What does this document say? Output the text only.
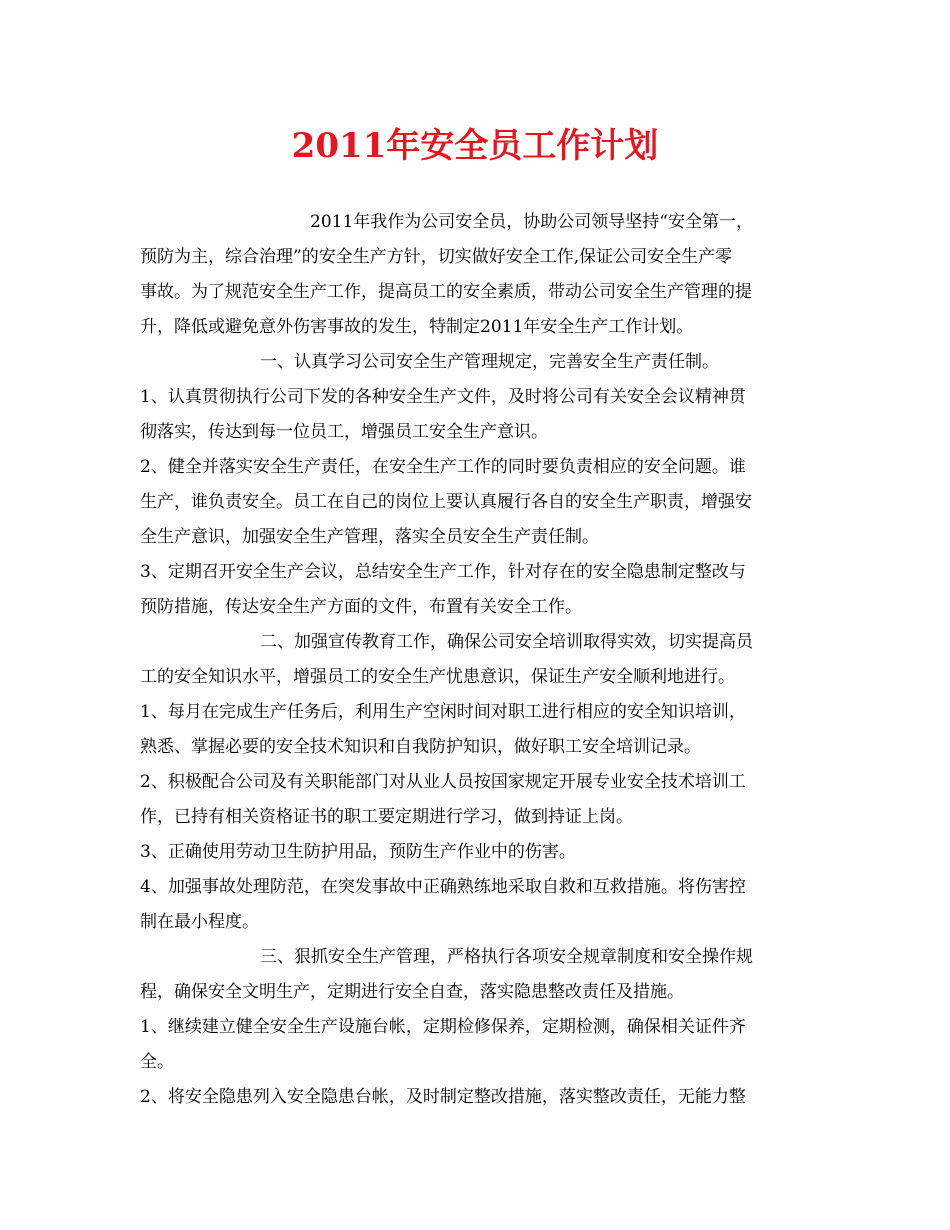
2011年安全员工作计划
2011年我作为公司安全员，协助公司领导坚持“安全第一，
预防为主，综合治理”的安全生产方针，切实做好安全工作,保证公司安全生产零
事故。为了规范安全生产工作，提高员工的安全素质，带动公司安全生产管理的提
升，降低或避免意外伤害事故的发生，特制定2011年安全生产工作计划。
一、认真学习公司安全生产管理规定，完善安全生产责任制。
1、认真贯彻执行公司下发的各种安全生产文件，及时将公司有关安全会议精神贯
彻落实，传达到每一位员工，增强员工安全生产意识。
2、健全并落实安全生产责任，在安全生产工作的同时要负责相应的安全问题。谁
生产，谁负责安全。员工在自己的岗位上要认真履行各自的安全生产职责，增强安
全生产意识，加强安全生产管理，落实全员安全生产责任制。
3、定期召开安全生产会议，总结安全生产工作，针对存在的安全隐患制定整改与
预防措施，传达安全生产方面的文件，布置有关安全工作。
二、加强宣传教育工作，确保公司安全培训取得实效，切实提高员
工的安全知识水平，增强员工的安全生产忧患意识，保证生产安全顺利地进行。
1、每月在完成生产任务后，利用生产空闲时间对职工进行相应的安全知识培训，
熟悉、掌握必要的安全技术知识和自我防护知识，做好职工安全培训记录。
2、积极配合公司及有关职能部门对从业人员按国家规定开展专业安全技术培训工
作，已持有相关资格证书的职工要定期进行学习，做到持证上岗。
3、正确使用劳动卫生防护用品，预防生产作业中的伤害。
4、加强事故处理防范，在突发事故中正确熟练地采取自救和互救措施。将伤害控
制在最小程度。
三、狠抓安全生产管理，严格执行各项安全规章制度和安全操作规
程，确保安全文明生产，定期进行安全自查，落实隐患整改责任及措施。
1、继续建立健全安全生产设施台帐，定期检修保养，定期检测，确保相关证件齐
全。
2、将安全隐患列入安全隐患台帐，及时制定整改措施，落实整改责任，无能力整
